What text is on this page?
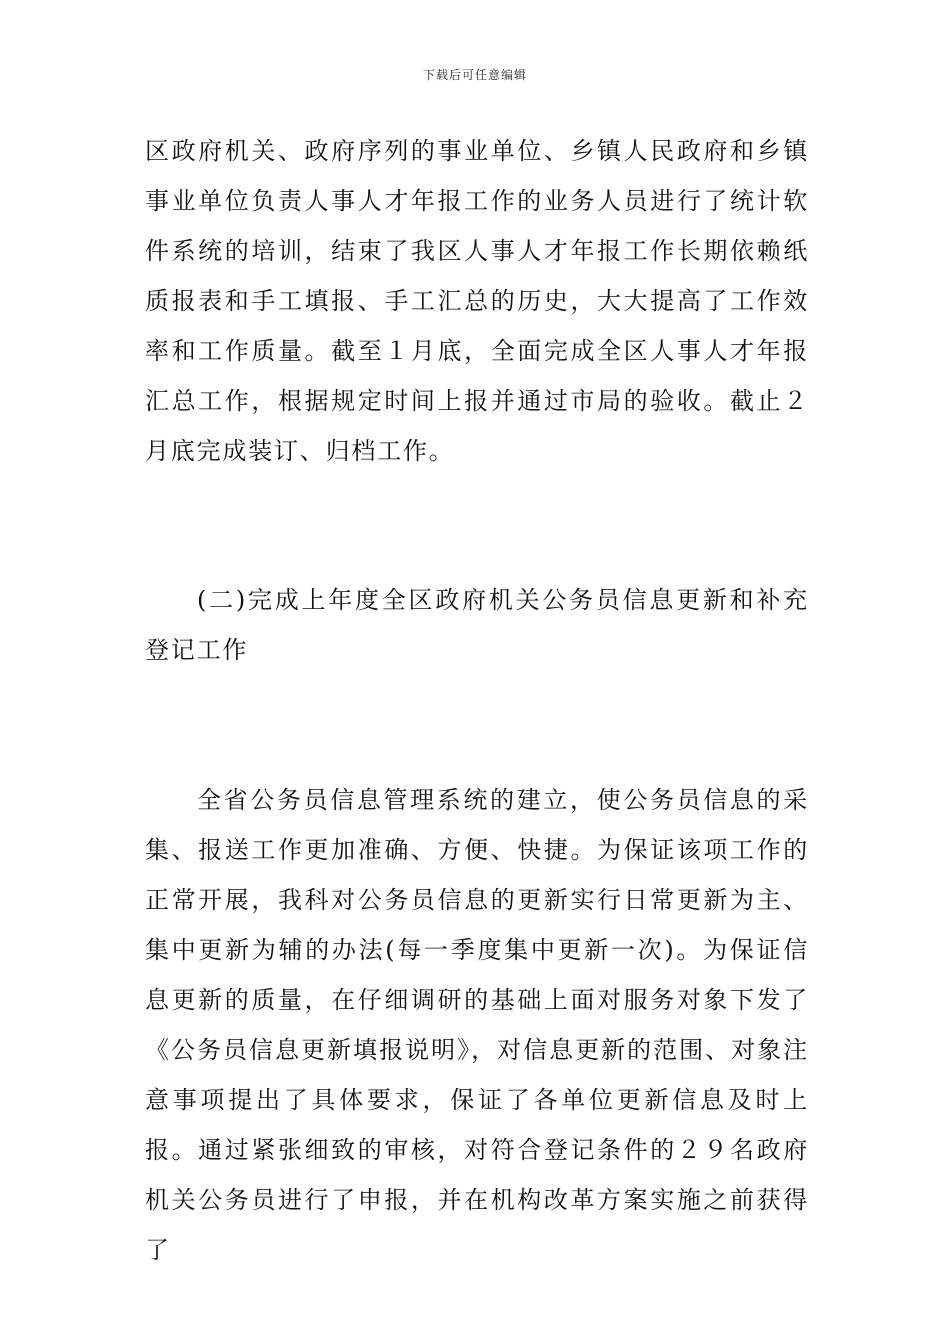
下载后可任意编辑

区政府机关、政府序列的事业单位、乡镇人民政府和乡镇事业单位负责人事人才年报工作的业务人员进行了统计软件系统的培训，结束了我区人事人才年报工作长期依赖纸质报表和手工填报、手工汇总的历史，大大提高了工作效率和工作质量。截至１月底，全面完成全区人事人才年报汇总工作，根据规定时间上报并通过市局的验收。截止２月底完成装订、归档工作。

(二)完成上年度全区政府机关公务员信息更新和补充登记工作

全省公务员信息管理系统的建立，使公务员信息的采集、报送工作更加准确、方便、快捷。为保证该项工作的正常开展，我科对公务员信息的更新实行日常更新为主、集中更新为辅的办法(每一季度集中更新一次)。为保证信息更新的质量，在仔细调研的基础上面对服务对象下发了《公务员信息更新填报说明》，对信息更新的范围、对象注意事项提出了具体要求，保证了各单位更新信息及时上报。通过紧张细致的审核，对符合登记条件的２９名政府机关公务员进行了申报，并在机构改革方案实施之前获得了
